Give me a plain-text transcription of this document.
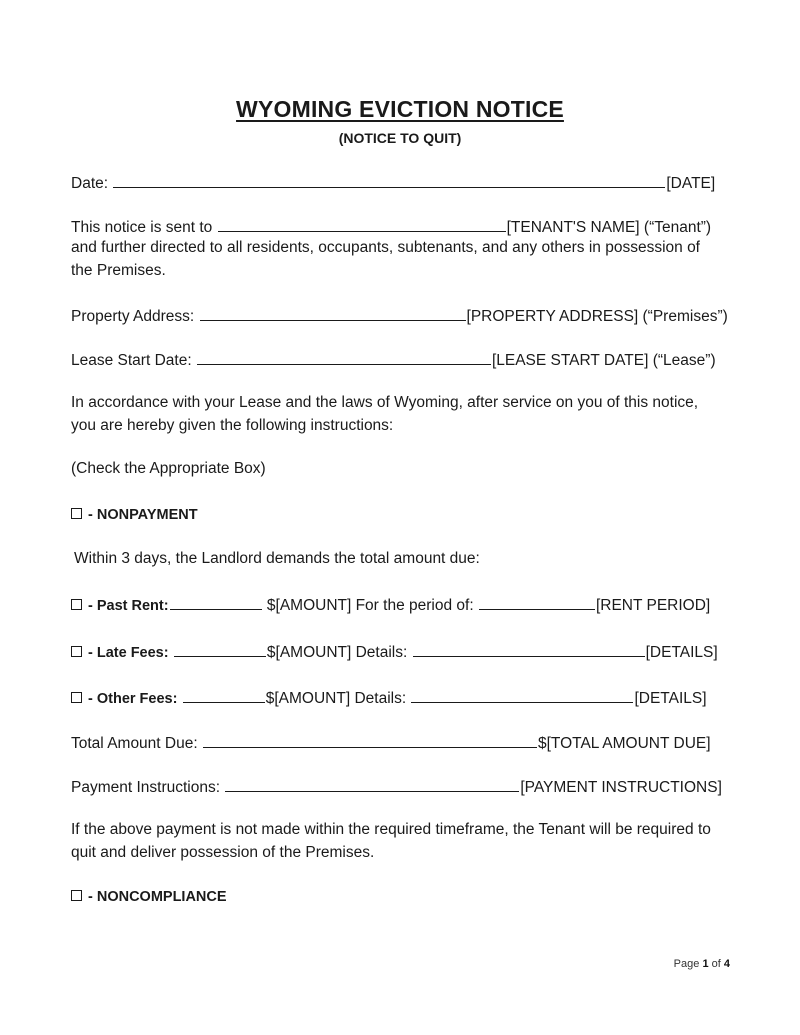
WYOMING EVICTION NOTICE
(NOTICE TO QUIT)
Date:	[DATE]
This notice is sent to	[TENANT'S NAME] (“Tenant”)
and further directed to all residents, occupants, subtenants, and any others in possession of the Premises.
Property Address:	[PROPERTY ADDRESS] (“Premises”)
Lease Start Date:	[LEASE START DATE] (“Lease”)
In accordance with your Lease and the laws of Wyoming, after service on you of this notice, you are hereby given the following instructions:
(Check the Appropriate Box)
- NONPAYMENT
Within 3 days, the Landlord demands the total amount due:
- Past Rent:	$[AMOUNT] For the period of:	[RENT PERIOD]
- Late Fees:	$[AMOUNT] Details:	[DETAILS]
- Other Fees:	$[AMOUNT] Details:	[DETAILS]
Total Amount Due:	$[TOTAL AMOUNT DUE]
Payment Instructions:	[PAYMENT INSTRUCTIONS]
If the above payment is not made within the required timeframe, the Tenant will be required to quit and deliver possession of the Premises.
- NONCOMPLIANCE
Page 1 of 4
